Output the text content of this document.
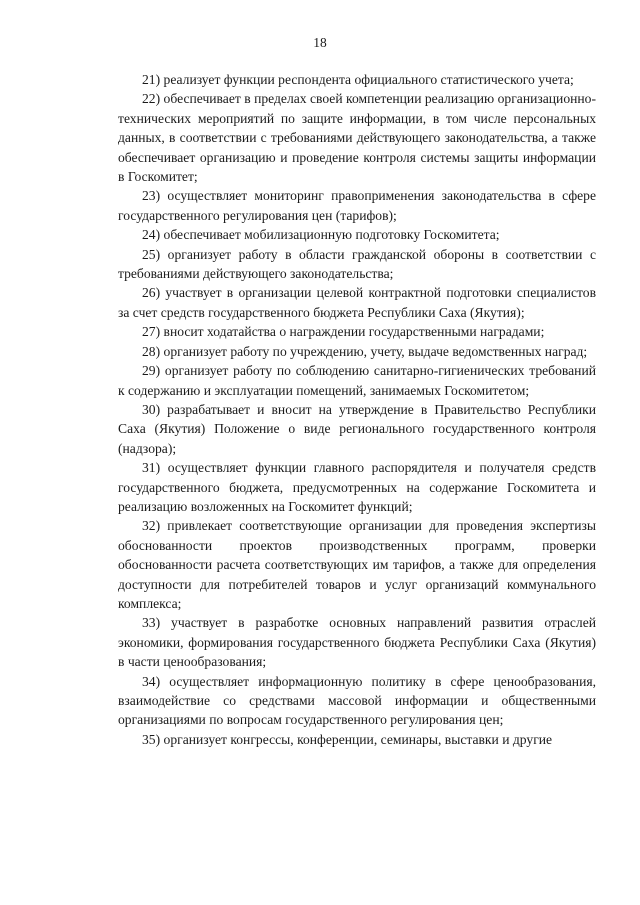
18

21) реализует функции респондента официального статистического учета;

22) обеспечивает в пределах своей компетенции реализацию организационно-технических мероприятий по защите информации, в том числе персональных данных, в соответствии с требованиями действующего законодательства, а также обеспечивает организацию и проведение контроля системы защиты информации в Госкомитет;

23) осуществляет мониторинг правоприменения законодательства в сфере государственного регулирования цен (тарифов);

24) обеспечивает мобилизационную подготовку Госкомитета;

25) организует работу в области гражданской обороны в соответствии с требованиями действующего законодательства;

26) участвует в организации целевой контрактной подготовки специалистов за счет средств государственного бюджета Республики Саха (Якутия);

27) вносит ходатайства о награждении государственными наградами;

28) организует работу по учреждению, учету, выдаче ведомственных наград;

29) организует работу по соблюдению санитарно-гигиенических требований к содержанию и эксплуатации помещений, занимаемых Госкомитетом;

30) разрабатывает и вносит на утверждение в Правительство Республики Саха (Якутия) Положение о виде регионального государственного контроля (надзора);

31) осуществляет функции главного распорядителя и получателя средств государственного бюджета, предусмотренных на содержание Госкомитета и реализацию возложенных на Госкомитет функций;

32) привлекает соответствующие организации для проведения экспертизы обоснованности проектов производственных программ, проверки обоснованности расчета соответствующих им тарифов, а также для определения доступности для потребителей товаров и услуг организаций коммунального комплекса;

33) участвует в разработке основных направлений развития отраслей экономики, формирования государственного бюджета Республики Саха (Якутия) в части ценообразования;

34) осуществляет информационную политику в сфере ценообразования, взаимодействие со средствами массовой информации и общественными организациями по вопросам государственного регулирования цен;

35) организует конгрессы, конференции, семинары, выставки и другие
